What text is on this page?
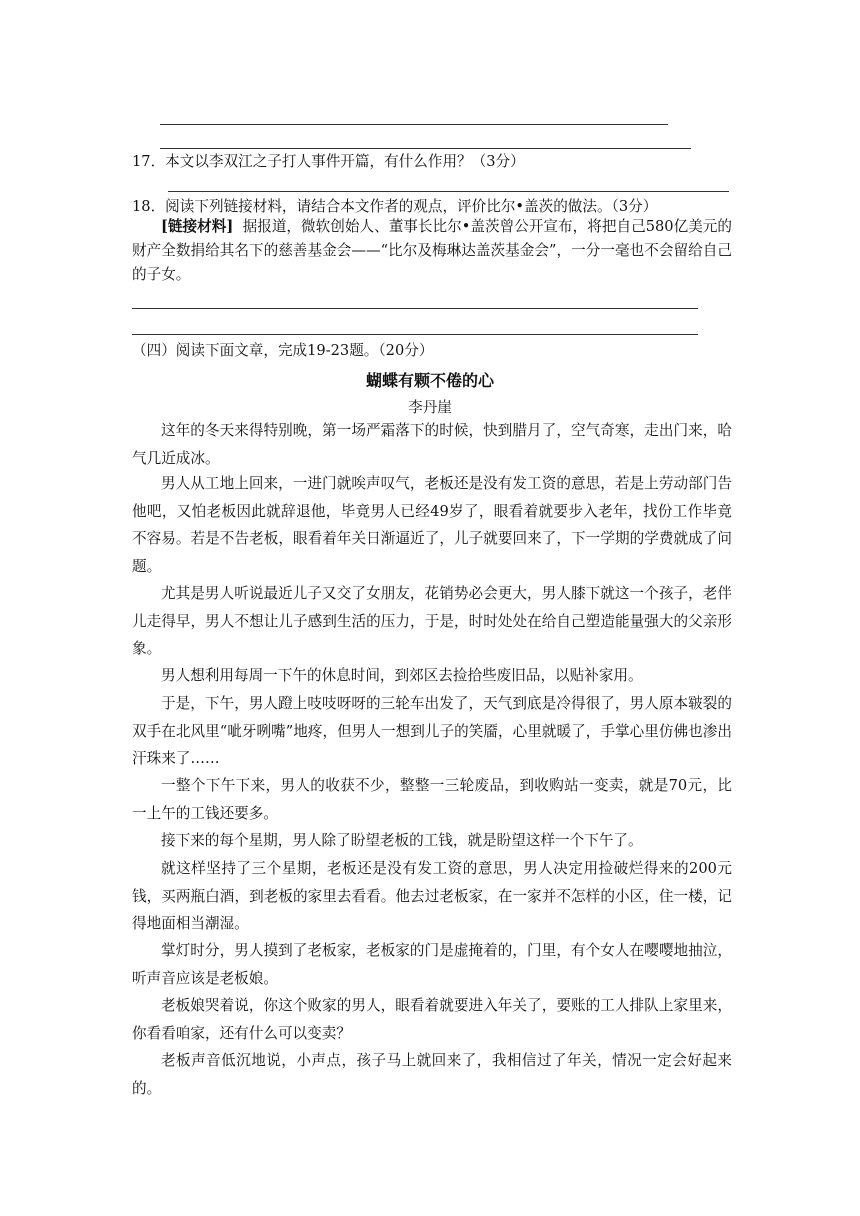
17．本文以李双江之子打人事件开篇，有什么作用？（3分）
18．阅读下列链接材料，请结合本文作者的观点，评价比尔•盖茨的做法。（3分）
[链接材料] 据报道，微软创始人、董事长比尔•盖茨曾公开宣布，将把自己580亿美元的财产全数捐给其名下的慈善基金会——“比尔及梅琳达盖茨基金会”，一分一毫也不会留给自己的子女。
（四）阅读下面文章，完成19-23题。（20分）
蝴蝶有颗不倦的心
李丹崖
这年的冬天来得特别晚，第一场严霜落下的时候，快到腊月了，空气奇寒，走出门来，哈气几近成冰。
男人从工地上回来，一进门就唉声叹气，老板还是没有发工资的意思，若是上劳动部门告他吧，又怕老板因此就辞退他，毕竟男人已经49岁了，眼看着就要步入老年，找份工作毕竟不容易。若是不告老板，眼看着年关日渐逼近了，儿子就要回来了，下一学期的学费就成了问题。
尤其是男人听说最近儿子又交了女朋友，花销势必会更大，男人膝下就这一个孩子，老伴儿走得早，男人不想让儿子感到生活的压力，于是，时时处处在给自己塑造能量强大的父亲形象。
男人想利用每周一下午的休息时间，到郊区去捡拾些废旧品，以贴补家用。
于是，下午，男人蹬上吱吱呀呀的三轮车出发了，天气到底是冷得很了，男人原本皲裂的双手在北风里“呲牙咧嘴”地疼，但男人一想到儿子的笑靥，心里就暖了，手掌心里仿佛也渗出汗珠来了……
一整个下午下来，男人的收获不少，整整一三轮废品，到收购站一变卖，就是70元，比一上午的工钱还要多。
接下来的每个星期，男人除了盼望老板的工钱，就是盼望这样一个下午了。
就这样坚持了三个星期，老板还是没有发工资的意思，男人决定用捡破烂得来的200元钱，买两瓶白酒，到老板的家里去看看。他去过老板家，在一家并不怎样的小区，住一楼，记得地面相当潮湿。
掌灯时分，男人摸到了老板家，老板家的门是虚掩着的，门里，有个女人在嘤嘤地抽泣，听声音应该是老板娘。
老板娘哭着说，你这个败家的男人，眼看着就要进入年关了，要账的工人排队上家里来，你看看咱家，还有什么可以变卖？
老板声音低沉地说，小声点，孩子马上就回来了，我相信过了年关，情况一定会好起来的。
